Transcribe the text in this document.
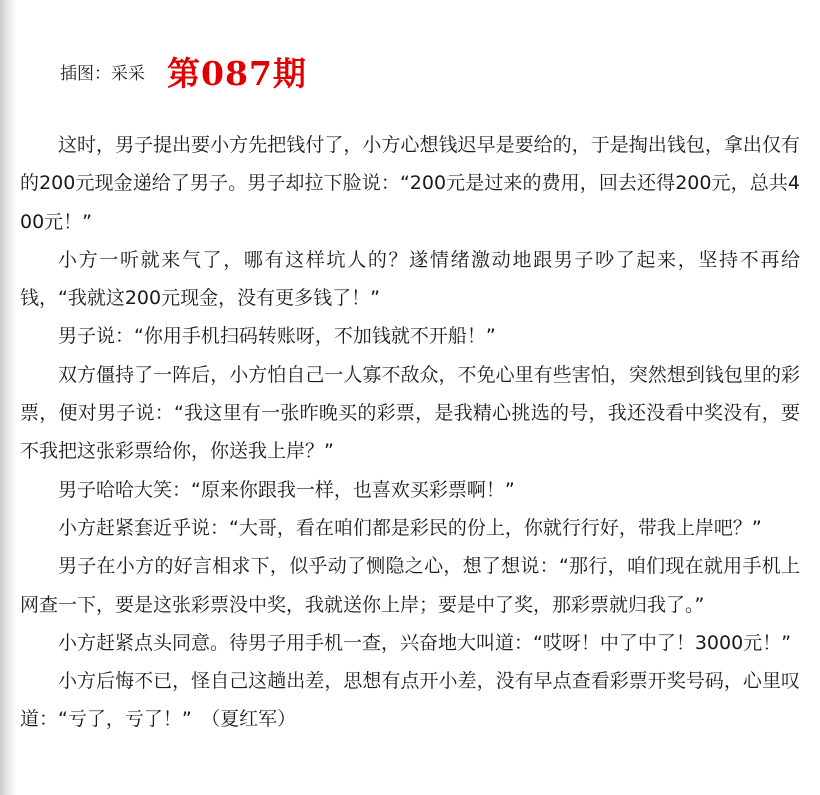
插图：采采 第087期

这时，男子提出要小方先把钱付了，小方心想钱迟早是要给的，于是掏出钱包，拿出仅有的200元现金递给了男子。男子却拉下脸说：“200元是过来的费用，回去还得200元，总共400元！”

小方一听就来气了，哪有这样坑人的？遂情绪激动地跟男子吵了起来，坚持不再给钱，“我就这200元现金，没有更多钱了！”

男子说：“你用手机扫码转账呀，不加钱就不开船！”

双方僵持了一阵后，小方怕自己一人寡不敌众，不免心里有些害怕，突然想到钱包里的彩票，便对男子说：“我这里有一张昨晚买的彩票，是我精心挑选的号，我还没看中奖没有，要不我把这张彩票给你，你送我上岸？”

男子哈哈大笑：“原来你跟我一样，也喜欢买彩票啊！”

小方赶紧套近乎说：“大哥，看在咱们都是彩民的份上，你就行行好，带我上岸吧？”

男子在小方的好言相求下，似乎动了恻隐之心，想了想说：“那行，咱们现在就用手机上网查一下，要是这张彩票没中奖，我就送你上岸；要是中了奖，那彩票就归我了。”

小方赶紧点头同意。待男子用手机一查，兴奋地大叫道：“哎呀！中了中了！3000元！”

小方后悔不已，怪自己这趟出差，思想有点开小差，没有早点查看彩票开奖号码，心里叹道：“亏了，亏了！”　（夏红军）
